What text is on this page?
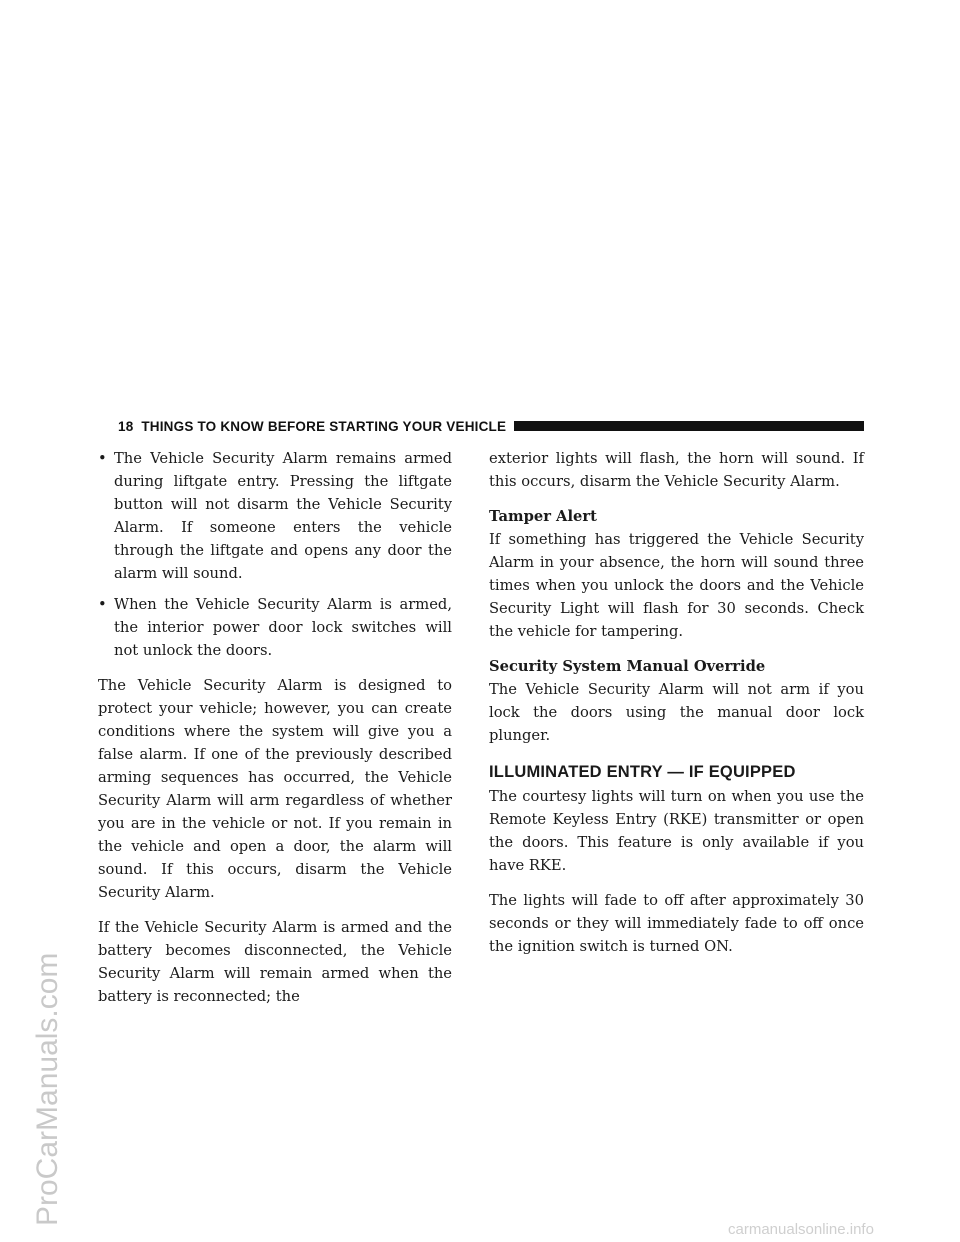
ProCarManuals.com
18 THINGS TO KNOW BEFORE STARTING YOUR VEHICLE
• The Vehicle Security Alarm remains armed during liftgate entry. Pressing the liftgate button will not disarm the Vehicle Security Alarm. If someone enters the vehicle through the liftgate and opens any door the alarm will sound.
• When the Vehicle Security Alarm is armed, the interior power door lock switches will not unlock the doors.

The Vehicle Security Alarm is designed to protect your vehicle; however, you can create conditions where the system will give you a false alarm. If one of the previously described arming sequences has occurred, the Vehicle Security Alarm will arm regardless of whether you are in the vehicle or not. If you remain in the vehicle and open a door, the alarm will sound. If this occurs, disarm the Vehicle Security Alarm.

If the Vehicle Security Alarm is armed and the battery becomes disconnected, the Vehicle Security Alarm will remain armed when the battery is reconnected; the

exterior lights will flash, the horn will sound. If this occurs, disarm the Vehicle Security Alarm.

Tamper Alert

If something has triggered the Vehicle Security Alarm in your absence, the horn will sound three times when you unlock the doors and the Vehicle Security Light will flash for 30 seconds. Check the vehicle for tampering.

Security System Manual Override

The Vehicle Security Alarm will not arm if you lock the doors using the manual door lock plunger.

ILLUMINATED ENTRY — IF EQUIPPED

The courtesy lights will turn on when you use the Remote Keyless Entry (RKE) transmitter or open the doors. This feature is only available if you have RKE.

The lights will fade to off after approximately 30 seconds or they will immediately fade to off once the ignition switch is turned ON.

carmanualsonline.info
